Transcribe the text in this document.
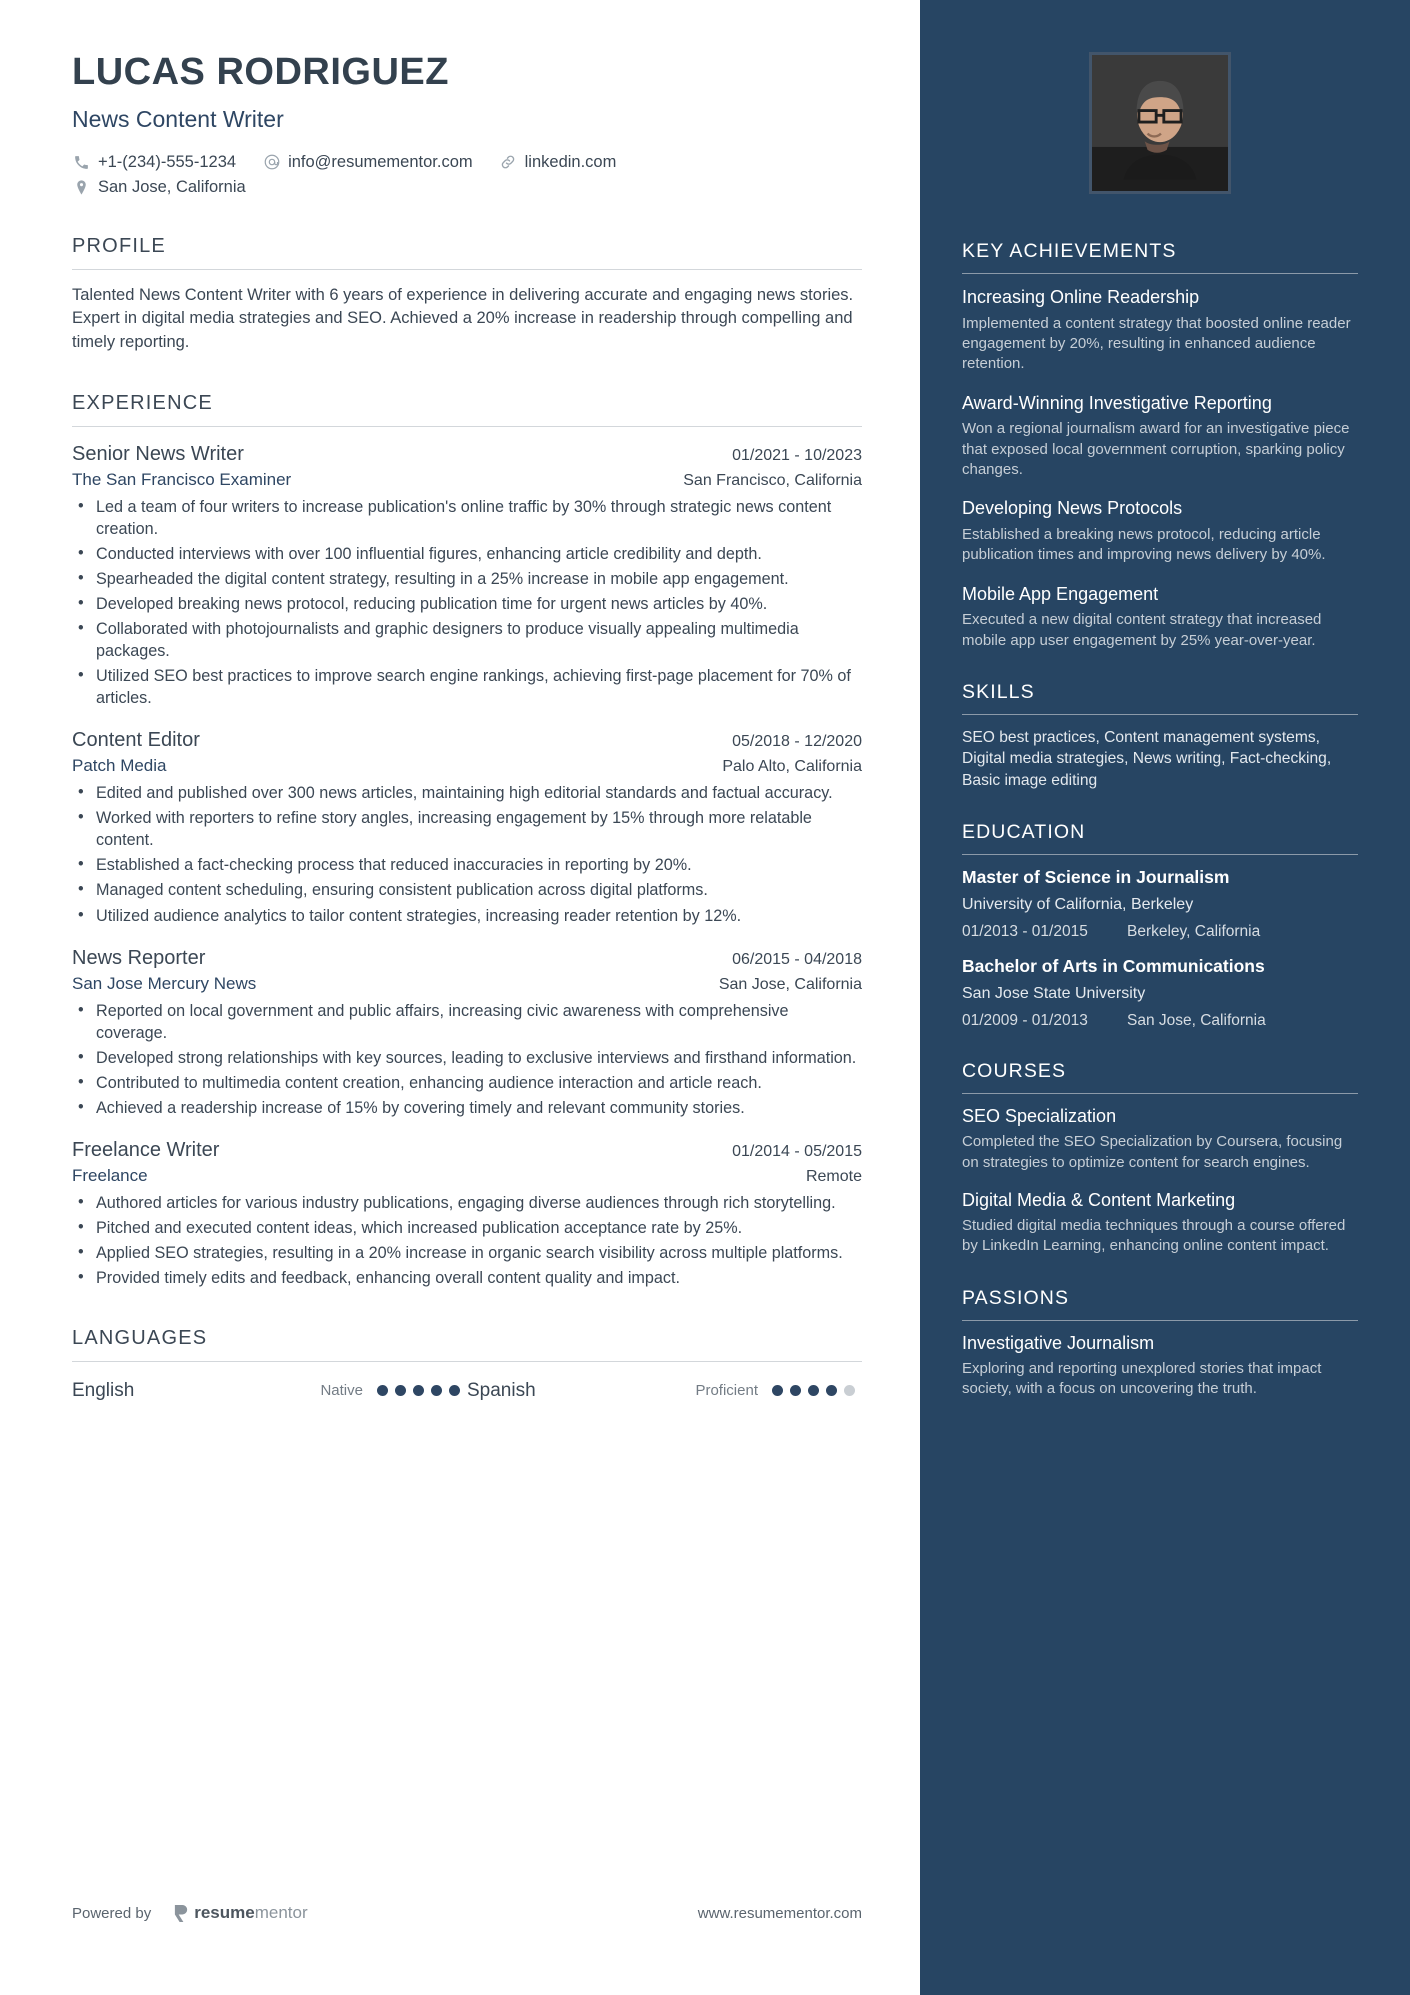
LUCAS RODRIGUEZ
News Content Writer
+1-(234)-555-1234	info@resumementor.com	linkedin.com
San Jose, California
PROFILE
Talented News Content Writer with 6 years of experience in delivering accurate and engaging news stories. Expert in digital media strategies and SEO. Achieved a 20% increase in readership through compelling and timely reporting.
EXPERIENCE
Senior News Writer	01/2021 - 10/2023
The San Francisco Examiner	San Francisco, California
• Led a team of four writers to increase publication's online traffic by 30% through strategic news content creation.
• Conducted interviews with over 100 influential figures, enhancing article credibility and depth.
• Spearheaded the digital content strategy, resulting in a 25% increase in mobile app engagement.
• Developed breaking news protocol, reducing publication time for urgent news articles by 40%.
• Collaborated with photojournalists and graphic designers to produce visually appealing multimedia packages.
• Utilized SEO best practices to improve search engine rankings, achieving first-page placement for 70% of articles.
Content Editor	05/2018 - 12/2020
Patch Media	Palo Alto, California
• Edited and published over 300 news articles, maintaining high editorial standards and factual accuracy.
• Worked with reporters to refine story angles, increasing engagement by 15% through more relatable content.
• Established a fact-checking process that reduced inaccuracies in reporting by 20%.
• Managed content scheduling, ensuring consistent publication across digital platforms.
• Utilized audience analytics to tailor content strategies, increasing reader retention by 12%.
News Reporter	06/2015 - 04/2018
San Jose Mercury News	San Jose, California
• Reported on local government and public affairs, increasing civic awareness with comprehensive coverage.
• Developed strong relationships with key sources, leading to exclusive interviews and firsthand information.
• Contributed to multimedia content creation, enhancing audience interaction and article reach.
• Achieved a readership increase of 15% by covering timely and relevant community stories.
Freelance Writer	01/2014 - 05/2015
Freelance	Remote
• Authored articles for various industry publications, engaging diverse audiences through rich storytelling.
• Pitched and executed content ideas, which increased publication acceptance rate by 25%.
• Applied SEO strategies, resulting in a 20% increase in organic search visibility across multiple platforms.
• Provided timely edits and feedback, enhancing overall content quality and impact.
LANGUAGES
English	Native	Spanish	Proficient
Powered by	resume mentor	www.resumementor.com
KEY ACHIEVEMENTS
Increasing Online Readership
Implemented a content strategy that boosted online reader engagement by 20%, resulting in enhanced audience retention.
Award-Winning Investigative Reporting
Won a regional journalism award for an investigative piece that exposed local government corruption, sparking policy changes.
Developing News Protocols
Established a breaking news protocol, reducing article publication times and improving news delivery by 40%.
Mobile App Engagement
Executed a new digital content strategy that increased mobile app user engagement by 25% year-over-year.
SKILLS
SEO best practices, Content management systems, Digital media strategies, News writing, Fact-checking, Basic image editing
EDUCATION
Master of Science in Journalism
University of California, Berkeley
01/2013 - 01/2015	Berkeley, California
Bachelor of Arts in Communications
San Jose State University
01/2009 - 01/2013	San Jose, California
COURSES
SEO Specialization
Completed the SEO Specialization by Coursera, focusing on strategies to optimize content for search engines.
Digital Media & Content Marketing
Studied digital media techniques through a course offered by LinkedIn Learning, enhancing online content impact.
PASSIONS
Investigative Journalism
Exploring and reporting unexplored stories that impact society, with a focus on uncovering the truth.
